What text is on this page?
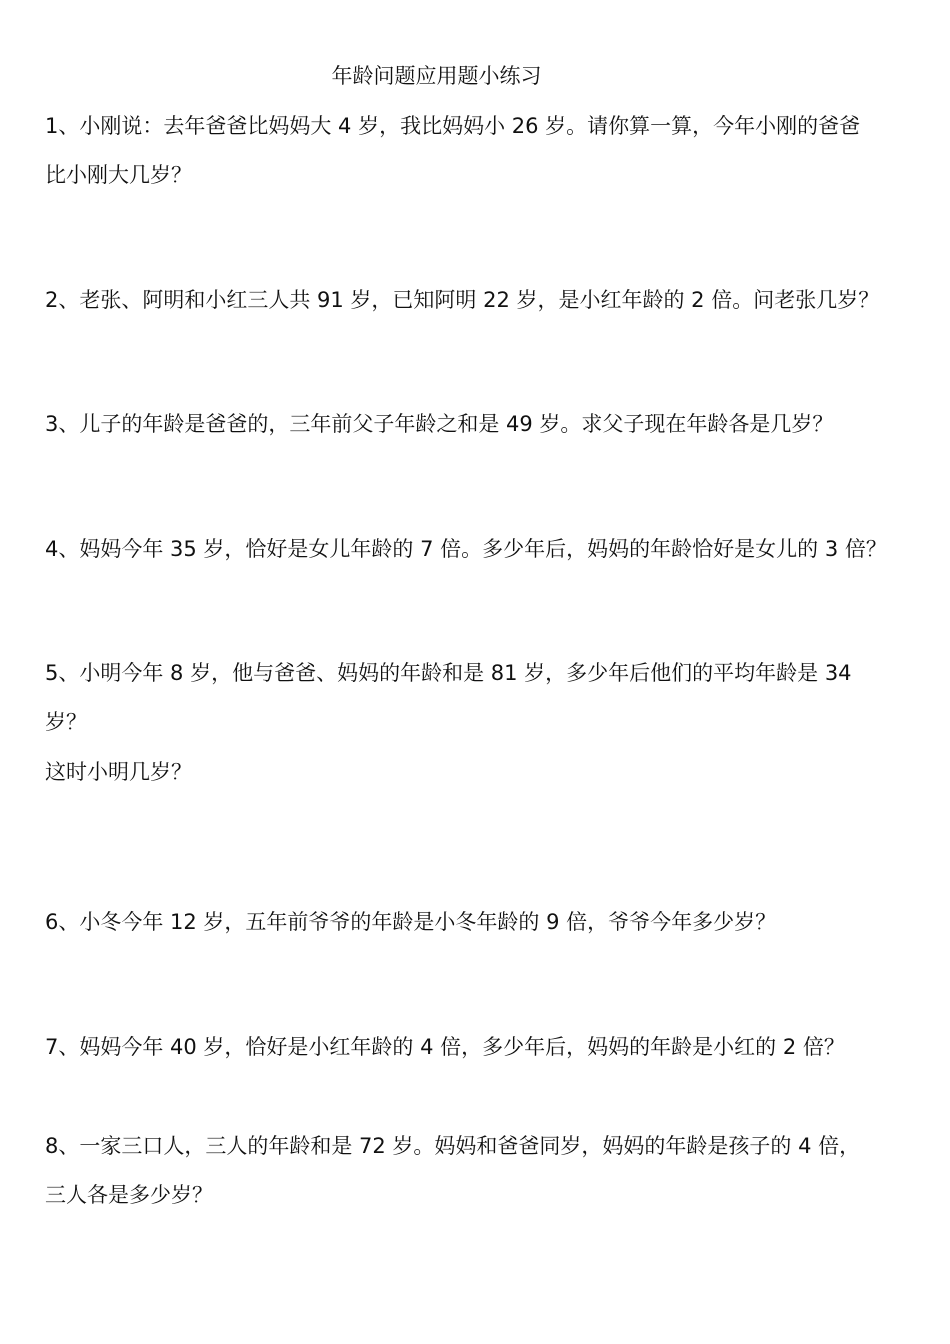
年龄问题应用题小练习
1、小刚说：去年爸爸比妈妈大 4 岁，我比妈妈小 26 岁。请你算一算，今年小刚的爸爸
比小刚大几岁？
2、老张、阿明和小红三人共 91 岁，已知阿明 22 岁，是小红年龄的 2 倍。问老张几岁？
3、儿子的年龄是爸爸的，三年前父子年龄之和是 49 岁。求父子现在年龄各是几岁？
4、妈妈今年 35 岁，恰好是女儿年龄的 7 倍。多少年后，妈妈的年龄恰好是女儿的 3 倍？
5、小明今年 8 岁，他与爸爸、妈妈的年龄和是 81 岁，多少年后他们的平均年龄是 34
岁？
这时小明几岁？
6、小冬今年 12 岁，五年前爷爷的年龄是小冬年龄的 9 倍，爷爷今年多少岁？
7、妈妈今年 40 岁，恰好是小红年龄的 4 倍，多少年后，妈妈的年龄是小红的 2 倍？
8、一家三口人，三人的年龄和是 72 岁。妈妈和爸爸同岁，妈妈的年龄是孩子的 4 倍，
三人各是多少岁？
